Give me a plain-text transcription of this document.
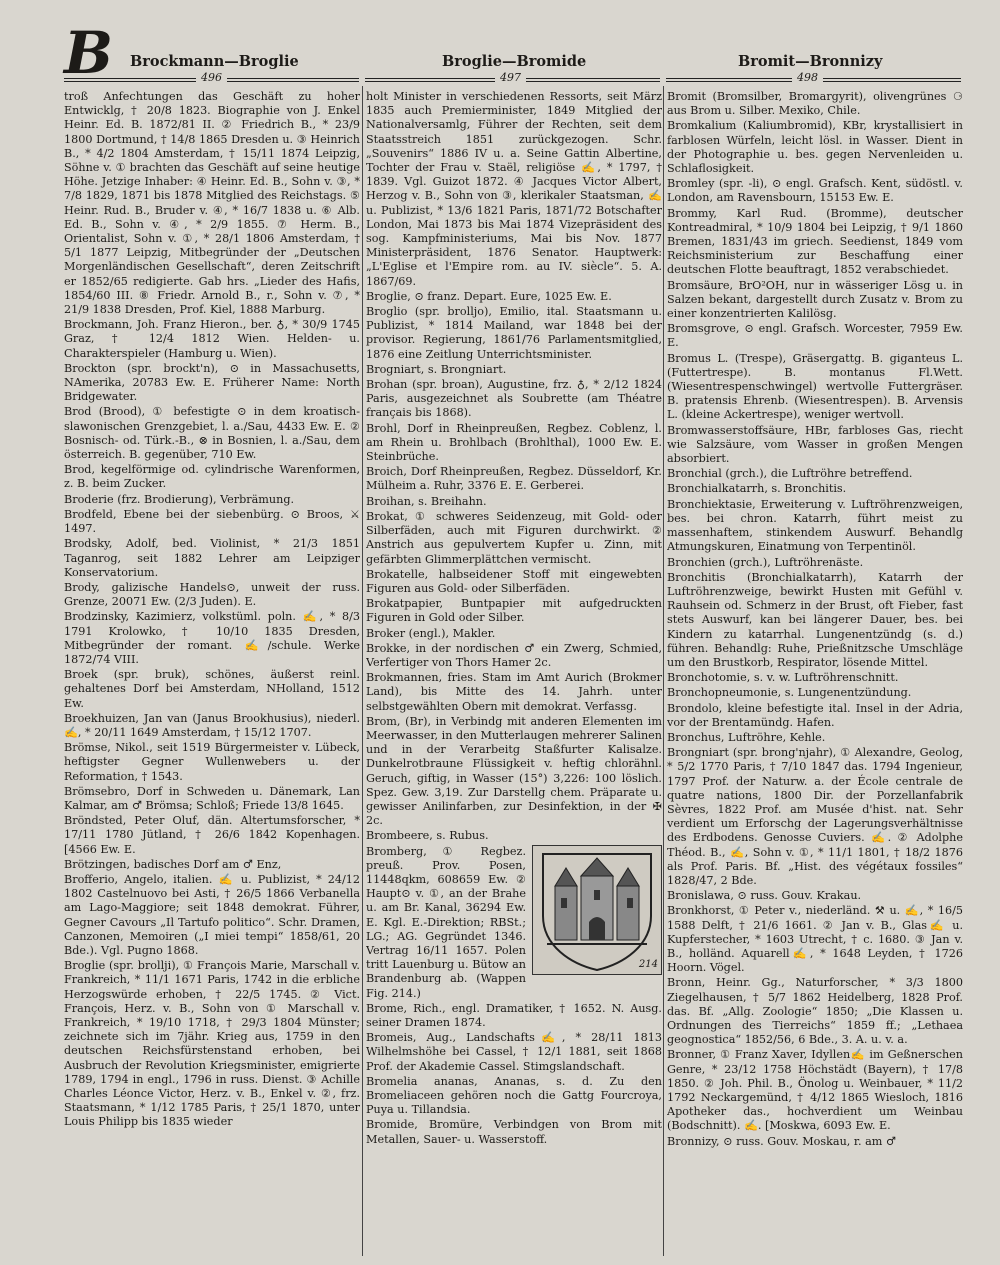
B Brockmann—Broglie	Broglie—Bromide	Bromit—Bronnizy
496	497	498
troß Anfechtungen das Geschäft zu hoher Entwicklg, † 20/8 1823. Biographie von J. Enkel Heinr. Ed. B. 1872/81 II. ② Friedrich B., * 23/9 1800 Dortmund, † 14/8 1865 Dresden u. ③ Heinrich B., * 4/2 1804 Amsterdam, † 15/11 1874 Leipzig, Söhne v. ① brachten das Geschäft auf seine heutige Höhe. Jetzige Inhaber: ④ Heinr. Ed. B., Sohn v. ③, * 7/8 1829, 1871 bis 1878 Mitglied des Reichstags. ⑤ Heinr. Rud. B., Bruder v. ④, * 16/7 1838 u. ⑥ Alb. Ed. B., Sohn v. ④, * 2/9 1855. ⑦ Herm. B., Orientalist, Sohn v. ①, * 28/1 1806 Amsterdam, † 5/1 1877 Leipzig, Mitbegründer der „Deutschen Morgenländischen Gesellschaft“, deren Zeitschrift er 1852/65 redigierte. Gab hrs. „Lieder des Hafis, 1854/60 III. ⑧ Friedr. Arnold B., r., Sohn v. ⑦, * 21/9 1838 Dresden, Prof. Kiel, 1888 Marburg.
Brockmann, Joh. Franz Hieron., ber. ♁, * 30/9 1745 Graz, † 12/4 1812 Wien. Helden- u. Charakterspieler (Hamburg u. Wien).
Brockton (spr. brockt'n), ⊙ in Massachusetts, NAmerika, 20783 Ew. E. Früherer Name: North Bridgewater.
Brod (Brood), ① befestigte ⊙ in dem kroatisch-slawonischen Grenzgebiet, l. a./Sau, 4433 Ew. E. ② Bosnisch- od. Türk.-B., ⊗ in Bosnien, l. a./Sau, dem österreich. B. gegenüber, 710 Ew.
Brod, kegelförmige od. cylindrische Warenformen, z. B. beim Zucker.
Broderie (frz. Brodierung), Verbrämung.
Brodfeld, Ebene bei der siebenbürg. ⊙ Broos, ⚔ 1497.
Brodsky, Adolf, bed. Violinist, * 21/3 1851 Taganrog, seit 1882 Lehrer am Leipziger Konservatorium.
Brody, galizische Handels⊙, unweit der russ. Grenze, 20071 Ew. (2/3 Juden). E.
Brodzinsky, Kazimierz, volkstüml. poln. ✍, * 8/3 1791 Krolowko, † 10/10 1835 Dresden, Mitbegründer der romant. ✍/schule. Werke 1872/74 VIII.
Broek (spr. bruk), schönes, äußerst reinl. gehaltenes Dorf bei Amsterdam, NHolland, 1512 Ew.
Broekhuizen, Jan van (Janus Brookhusius), niederl. ✍, * 20/11 1649 Amsterdam, † 15/12 1707.
Brömse, Nikol., seit 1519 Bürgermeister v. Lübeck, heftigster Gegner Wullenwebers u. der Reformation, † 1543.
Brömsebro, Dorf in Schweden u. Dänemark, Lan Kalmar, am ♂ Brömsa; Schloß; Friede 13/8 1645.
Bröndsted, Peter Oluf, dän. Altertumsforscher, * 17/11 1780 Jütland, † 26/6 1842 Kopenhagen. [4566 Ew. E.
Brötzingen, badisches Dorf am ♂ Enz,
Brofferio, Angelo, italien. ✍ u. Publizist, * 24/12 1802 Castelnuovo bei Asti, † 26/5 1866 Verbanella am Lago-Maggiore; seit 1848 demokrat. Führer, Gegner Cavours „Il Tartufo politico“. Schr. Dramen, Canzonen, Memoiren („I miei tempi“ 1858/61, 20 Bde.). Vgl. Pugno 1868.
Broglie (spr. brollji), ① François Marie, Marschall v. Frankreich, * 11/1 1671 Paris, 1742 in die erbliche Herzogswürde erhoben, † 22/5 1745. ② Vict. François, Herz. v. B., Sohn von ① Marschall v. Frankreich, * 19/10 1718, † 29/3 1804 Münster; zeichnete sich im 7jähr. Krieg aus, 1759 in den deutschen Reichsfürstenstand erhoben, bei Ausbruch der Revolution Kriegsminister, emigrierte 1789, 1794 in engl., 1796 in russ. Dienst. ③ Achille Charles Léonce Victor, Herz. v. B., Enkel v. ②, frz. Staatsmann, * 1/12 1785 Paris, † 25/1 1870, unter Louis Philipp bis 1835 wieder
holt Minister in verschiedenen Ressorts, seit März 1835 auch Premierminister, 1849 Mitglied der Nationalversamlg, Führer der Rechten, seit dem Staatsstreich 1851 zurückgezogen. Schr. „Souvenirs“ 1886 IV u. a. Seine Gattin Albertine, Tochter der Frau v. Staël, religiöse ✍, * 1797, † 1839. Vgl. Guizot 1872. ④ Jacques Victor Albert, Herzog v. B., Sohn von ③, klerikaler Staatsman, ✍ u. Publizist, * 13/6 1821 Paris, 1871/72 Botschafter London, Mai 1873 bis Mai 1874 Vizepräsident des sog. Kampfministeriums, Mai bis Nov. 1877 Ministerpräsident, 1876 Senator. Hauptwerk: „L'Eglise et l'Empire rom. au IV. siècle“. 5. A. 1867/69.
Broglie, ⊙ franz. Depart. Eure, 1025 Ew. E.
Broglio (spr. brolljo), Emilio, ital. Staatsmann u. Publizist, * 1814 Mailand, war 1848 bei der provisor. Regierung, 1861/76 Parlamentsmitglied, 1876 eine Zeitlung Unterrichtsminister.
Brogniart, s. Brongniart.
Brohan (spr. broan), Augustine, frz. ♁, * 2/12 1824 Paris, ausgezeichnet als Soubrette (am Théatre français bis 1868).
Brohl, Dorf in Rheinpreußen, Regbez. Coblenz, l. am Rhein u. Brohlbach (Brohlthal), 1000 Ew. E. Steinbrüche.
Broich, Dorf Rheinpreußen, Regbez. Düsseldorf, Kr. Mülheim a. Ruhr, 3376 E. E. Gerberei.
Broihan, s. Breihahn.
Brokat, ① schweres Seidenzeug, mit Gold- oder Silberfäden, auch mit Figuren durchwirkt. ② Anstrich aus gepulvertem Kupfer u. Zinn, mit gefärbten Glimmerplättchen vermischt.
Brokatelle, halbseidener Stoff mit eingewebten Figuren aus Gold- oder Silberfäden.
Brokatpapier, Buntpapier mit aufgedruckten Figuren in Gold oder Silber.
Broker (engl.), Makler.
Brokke, in der nordischen ♂ ein Zwerg, Schmied, Verfertiger von Thors Hamer 2c.
Brokmannen, fries. Stam im Amt Aurich (Brokmer Land), bis Mitte des 14. Jahrh. unter selbstgewählten Obern mit demokrat. Verfassg.
Brom, (Br), in Verbindg mit anderen Elementen im Meerwasser, in den Mutterlaugen mehrerer Salinen und in der Verarbeitg Staßfurter Kalisalze. Dunkelrotbraune Flüssigkeit v. heftig chlorähnl. Geruch, giftig, in Wasser (15°) 3,226: 100 löslich. Spez. Gew. 3,19. Zur Darstellg chem. Präparate u. gewisser Anilinfarben, zur Desinfektion, in der ✠ 2c.
Brombeere, s. Rubus.
214
Bromberg, ① Regbez. preuß. Prov. Posen, 11448qkm, 608659 Ew. ② Haupt⊙ v. ①, an der Brahe u. am Br. Kanal, 36294 Ew. E. Kgl. E.-Direktion; RBSt.; LG.; AG. Gegründet 1346. Vertrag 16/11 1657. Polen tritt Lauenburg u. Bütow an Brandenburg ab. (Wappen Fig. 214.)
Brome, Rich., engl. Dramatiker, † 1652. N. Ausg. seiner Dramen 1874.
Bromeis, Aug., Landschafts✍, * 28/11 1813 Wilhelmshöhe bei Cassel, † 12/1 1881, seit 1868 Prof. der Akademie Cassel. Stimgslandschaft.
Bromelia ananas, Ananas, s. d. Zu den Bromeliaceen gehören noch die Gattg Fourcroya, Puya u. Tillandsia.
Bromide, Bromüre, Verbindgen von Brom mit Metallen, Sauer- u. Wasserstoff.
Bromit (Bromsilber, Bromargyrit), olivengrünes ⚆ aus Brom u. Silber. Mexiko, Chile.
Bromkalium (Kaliumbromid), KBr, krystallisiert in farblosen Würfeln, leicht lösl. in Wasser. Dient in der Photographie u. bes. gegen Nervenleiden u. Schlaflosigkeit.
Bromley (spr. -li), ⊙ engl. Grafsch. Kent, südöstl. v. London, am Ravensbourn, 15153 Ew. E.
Brommy, Karl Rud. (Bromme), deutscher Kontreadmiral, * 10/9 1804 bei Leipzig, † 9/1 1860 Bremen, 1831/43 im griech. Seedienst, 1849 vom Reichsministerium zur Beschaffung einer deutschen Flotte beauftragt, 1852 verabschiedet.
Bromsäure, BrO²OH, nur in wässeriger Lösg u. in Salzen bekant, dargestellt durch Zusatz v. Brom zu einer konzentrierten Kalilösg.
Bromsgrove, ⊙ engl. Grafsch. Worcester, 7959 Ew. E.
Bromus L. (Trespe), Gräsergattg. B. giganteus L. (Futtertrespe). B. montanus Fl.Wett. (Wiesentrespenschwingel) wertvolle Futtergräser. B. pratensis Ehrenb. (Wiesentrespen). B. Arvensis L. (kleine Ackertrespe), weniger wertvoll.
Bromwasserstoffsäure, HBr, farbloses Gas, riecht wie Salzsäure, vom Wasser in großen Mengen absorbiert.
Bronchial (grch.), die Luftröhre betreffend.
Bronchialkatarrh, s. Bronchitis.
Bronchiektasie, Erweiterung v. Luftröhrenzweigen, bes. bei chron. Katarrh, führt meist zu massenhaftem, stinkendem Auswurf. Behandlg Atmungskuren, Einatmung von Terpentinöl.
Bronchien (grch.), Luftröhrenäste.
Bronchitis (Bronchialkatarrh), Katarrh der Luftröhrenzweige, bewirkt Husten mit Gefühl v. Rauhsein od. Schmerz in der Brust, oft Fieber, fast stets Auswurf, kan bei längerer Dauer, bes. bei Kindern zu katarrhal. Lungenentzündg (s. d.) führen. Behandlg: Ruhe, Prießnitzsche Umschläge um den Brustkorb, Respirator, lösende Mittel.
Bronchotomie, s. v. w. Luftröhrenschnitt.
Bronchopneumonie, s. Lungenentzündung.
Brondolo, kleine befestigte ital. Insel in der Adria, vor der Brentamündg. Hafen.
Bronchus, Luftröhre, Kehle.
Brongniart (spr. brong'njahr), ① Alexandre, Geolog, * 5/2 1770 Paris, † 7/10 1847 das. 1794 Ingenieur, 1797 Prof. der Naturw. a. der École centrale de quatre nations, 1800 Dir. der Porzellanfabrik Sèvres, 1822 Prof. am Musée d'hist. nat. Sehr verdient um Erforschg der Lagerungsverhältnisse des Erdbodens. Genosse Cuviers. ✍. ② Adolphe Théod. B., ✍, Sohn v. ①, * 11/1 1801, † 18/2 1876 als Prof. Paris. Bf. „Hist. des végétaux fossiles“ 1828/47, 2 Bde.
Bronislawa, ⊙ russ. Gouv. Krakau.
Bronkhorst, ① Peter v., niederländ. ⚒ u. ✍, * 16/5 1588 Delft, † 21/6 1661. ② Jan v. B., Glas✍ u. Kupferstecher, * 1603 Utrecht, † c. 1680. ③ Jan v. B., holländ. Aquarell✍, * 1648 Leyden, † 1726 Hoorn. Vögel.
Bronn, Heinr. Gg., Naturforscher, * 3/3 1800 Ziegelhausen, † 5/7 1862 Heidelberg, 1828 Prof. das. Bf. „Allg. Zoologie“ 1850; „Die Klassen u. Ordnungen des Tierreichs“ 1859 ff.; „Lethaea geognostica“ 1852/56, 6 Bde., 3. A. u. v. a.
Bronner, ① Franz Xaver, Idyllen✍ im Geßnerschen Genre, * 23/12 1758 Höchstädt (Bayern), † 17/8 1850. ② Joh. Phil. B., Önolog u. Weinbauer, * 11/2 1792 Neckargemünd, † 4/12 1865 Wiesloch, 1816 Apotheker das., hochverdient um Weinbau (Bodschnitt). ✍. [Moskwa, 6093 Ew. E.
Bronnizy, ⊙ russ. Gouv. Moskau, r. am ♂
